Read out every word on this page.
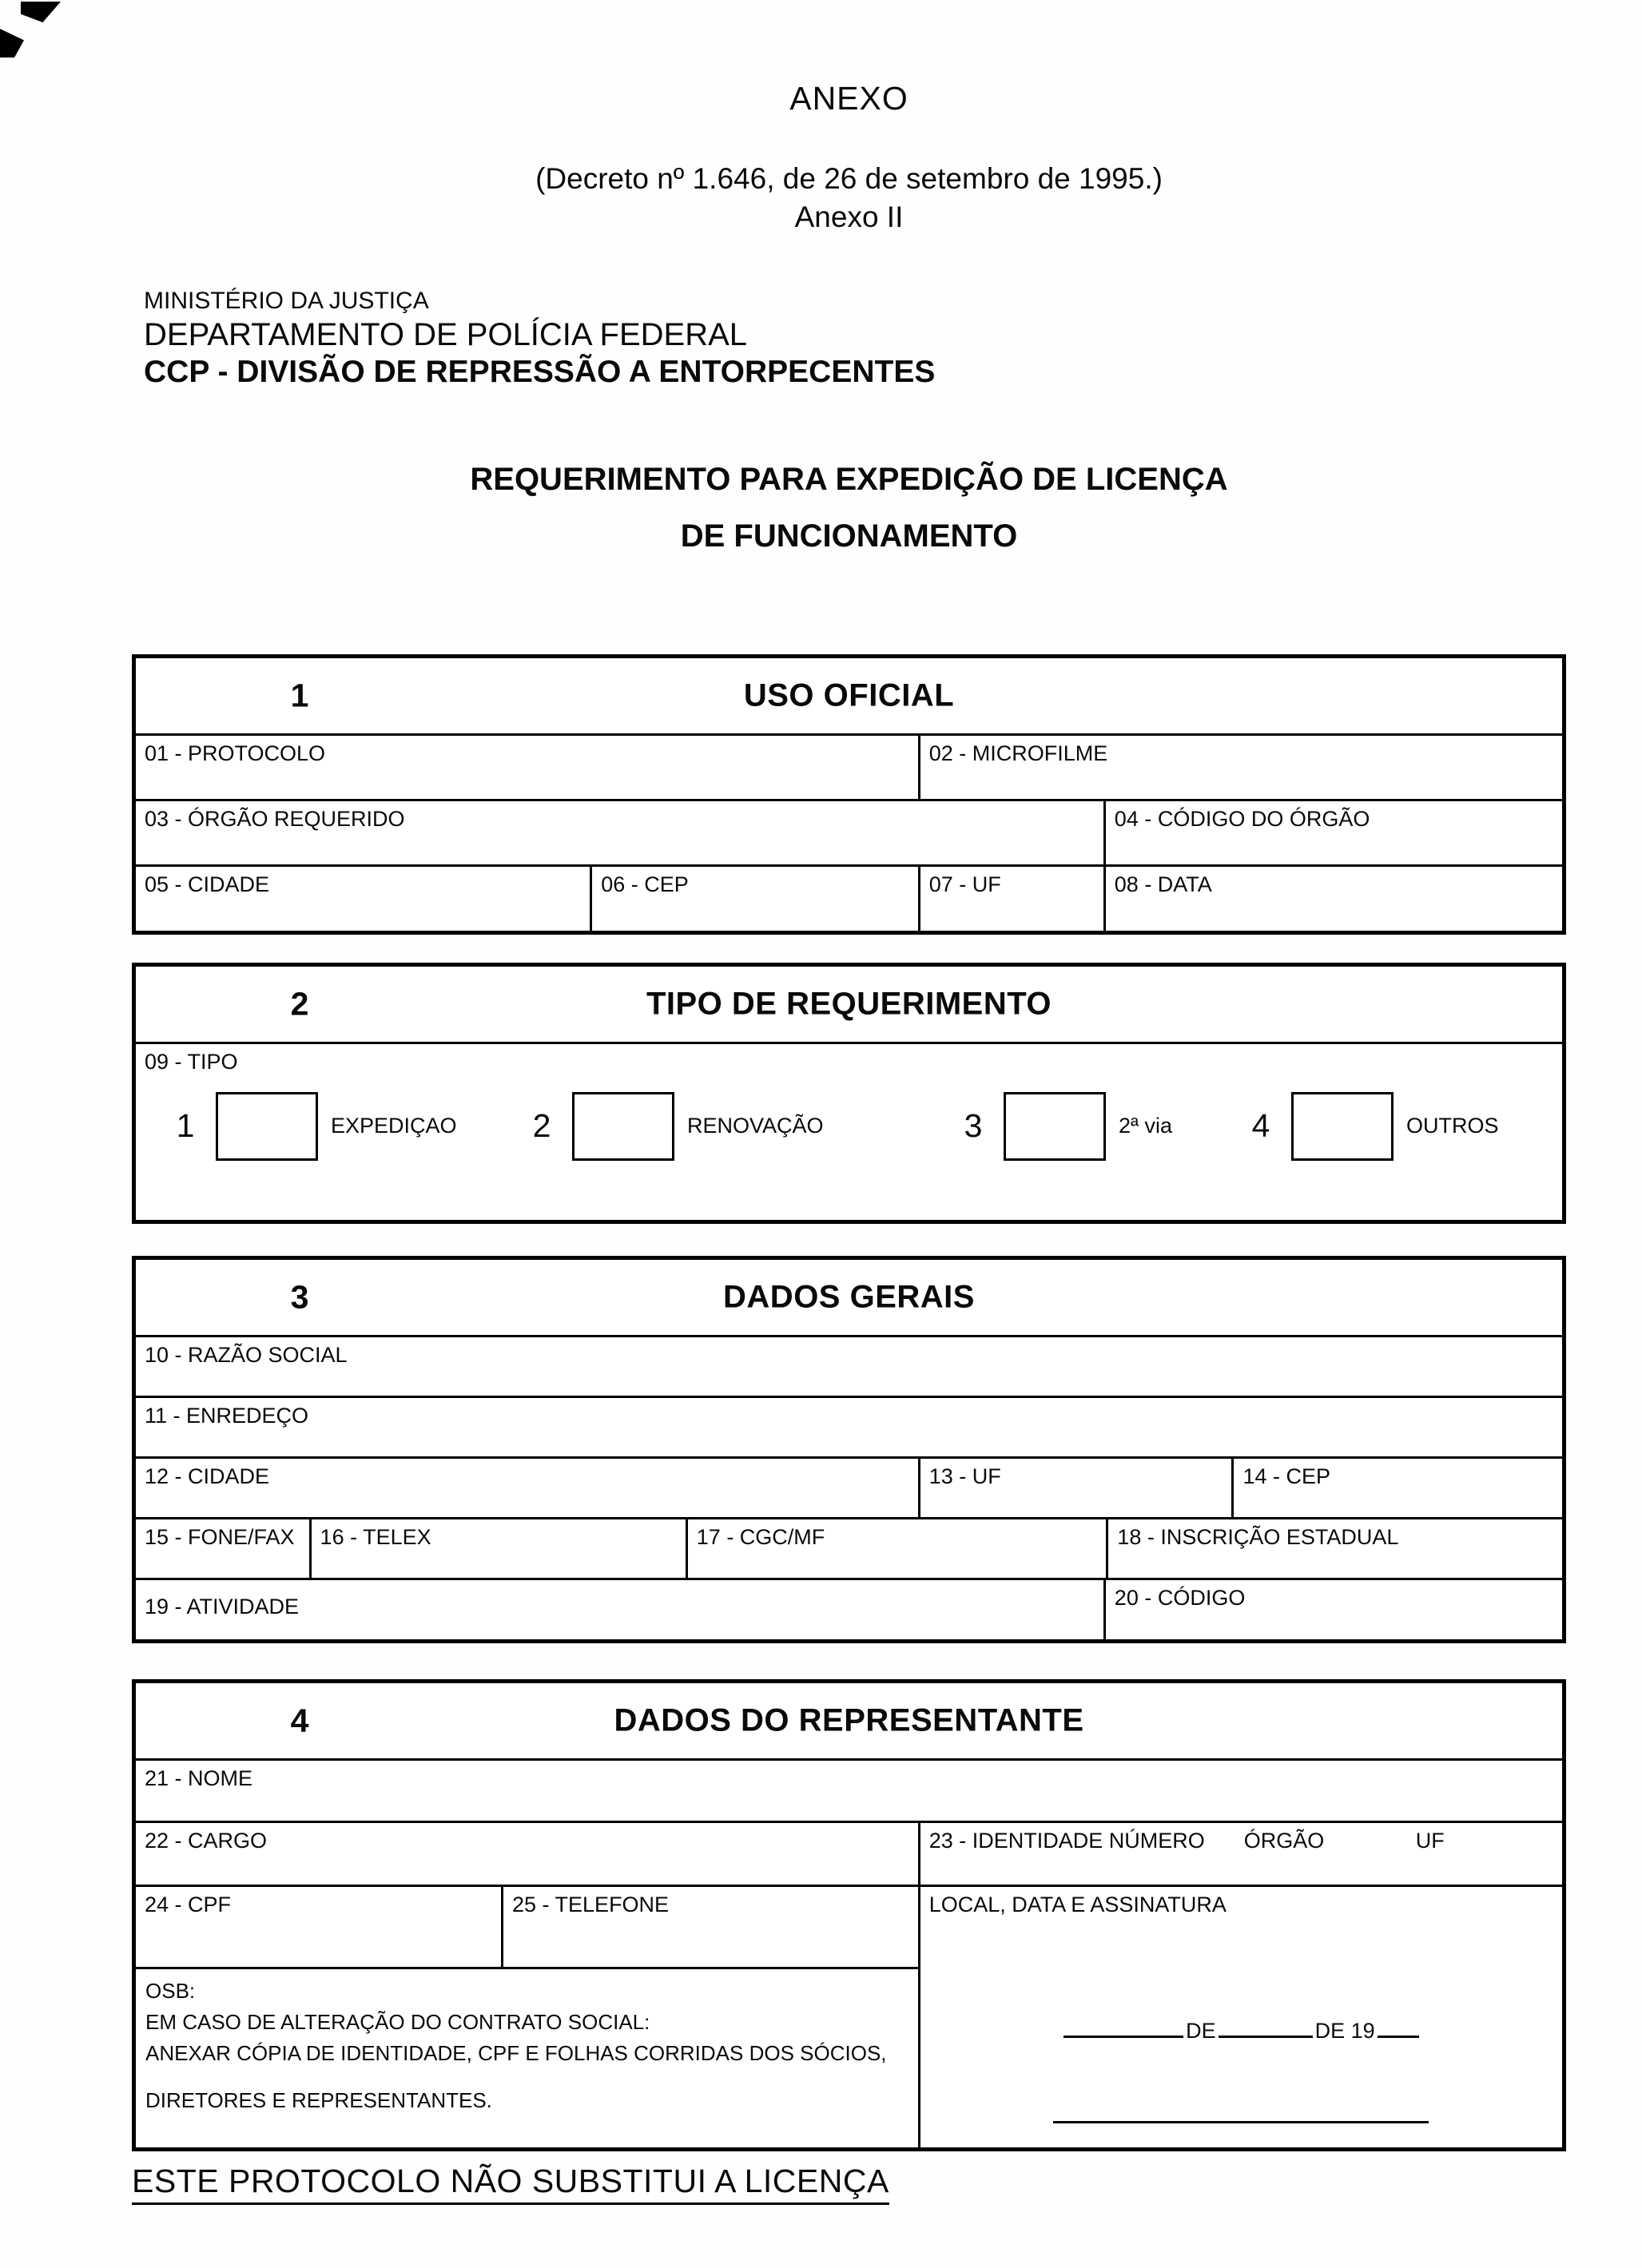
ANEXO
(Decreto nº 1.646, de 26 de setembro de 1995.)
Anexo II
MINISTÉRIO DA JUSTIÇA
DEPARTAMENTO DE POLÍCIA FEDERAL
CCP - DIVISÃO DE REPRESSÃO A ENTORPECENTES
REQUERIMENTO PARA EXPEDIÇÃO DE LICENÇA
DE FUNCIONAMENTO
1	USO OFICIAL
01 - PROTOCOLO	02 - MICROFILME
03 - ÓRGÃO REQUERIDO	04 - CÓDIGO DO ÓRGÃO
05 - CIDADE	06 - CEP	07 - UF	08 - DATA
2	TIPO DE REQUERIMENTO
09 - TIPO
1	EXPEDIÇAO	2	RENOVAÇÃO	3	2ª via	4	OUTROS
3	DADOS GERAIS
10 - RAZÃO SOCIAL
11 - ENREDEÇO
12 - CIDADE	13 - UF	14 - CEP
15 - FONE/FAX	16 - TELEX	17 - CGC/MF	18 - INSCRIÇÃO ESTADUAL
19 - ATIVIDADE	20 - CÓDIGO
4	DADOS DO REPRESENTANTE
21 - NOME
22 - CARGO	23 - IDENTIDADE NÚMERO ÓRGÃO	UF
24 - CPF	25 - TELEFONE
OSB:
EM CASO DE ALTERAÇÃO DO CONTRATO SOCIAL:
ANEXAR CÓPIA DE IDENTIDADE, CPF E FOLHAS CORRIDAS DOS SÓCIOS,
DIRETORES E REPRESENTANTES.
LOCAL, DATA E ASSINATURA
DE	DE 19
ESTE PROTOCOLO NÃO SUBSTITUI A LICENÇA
